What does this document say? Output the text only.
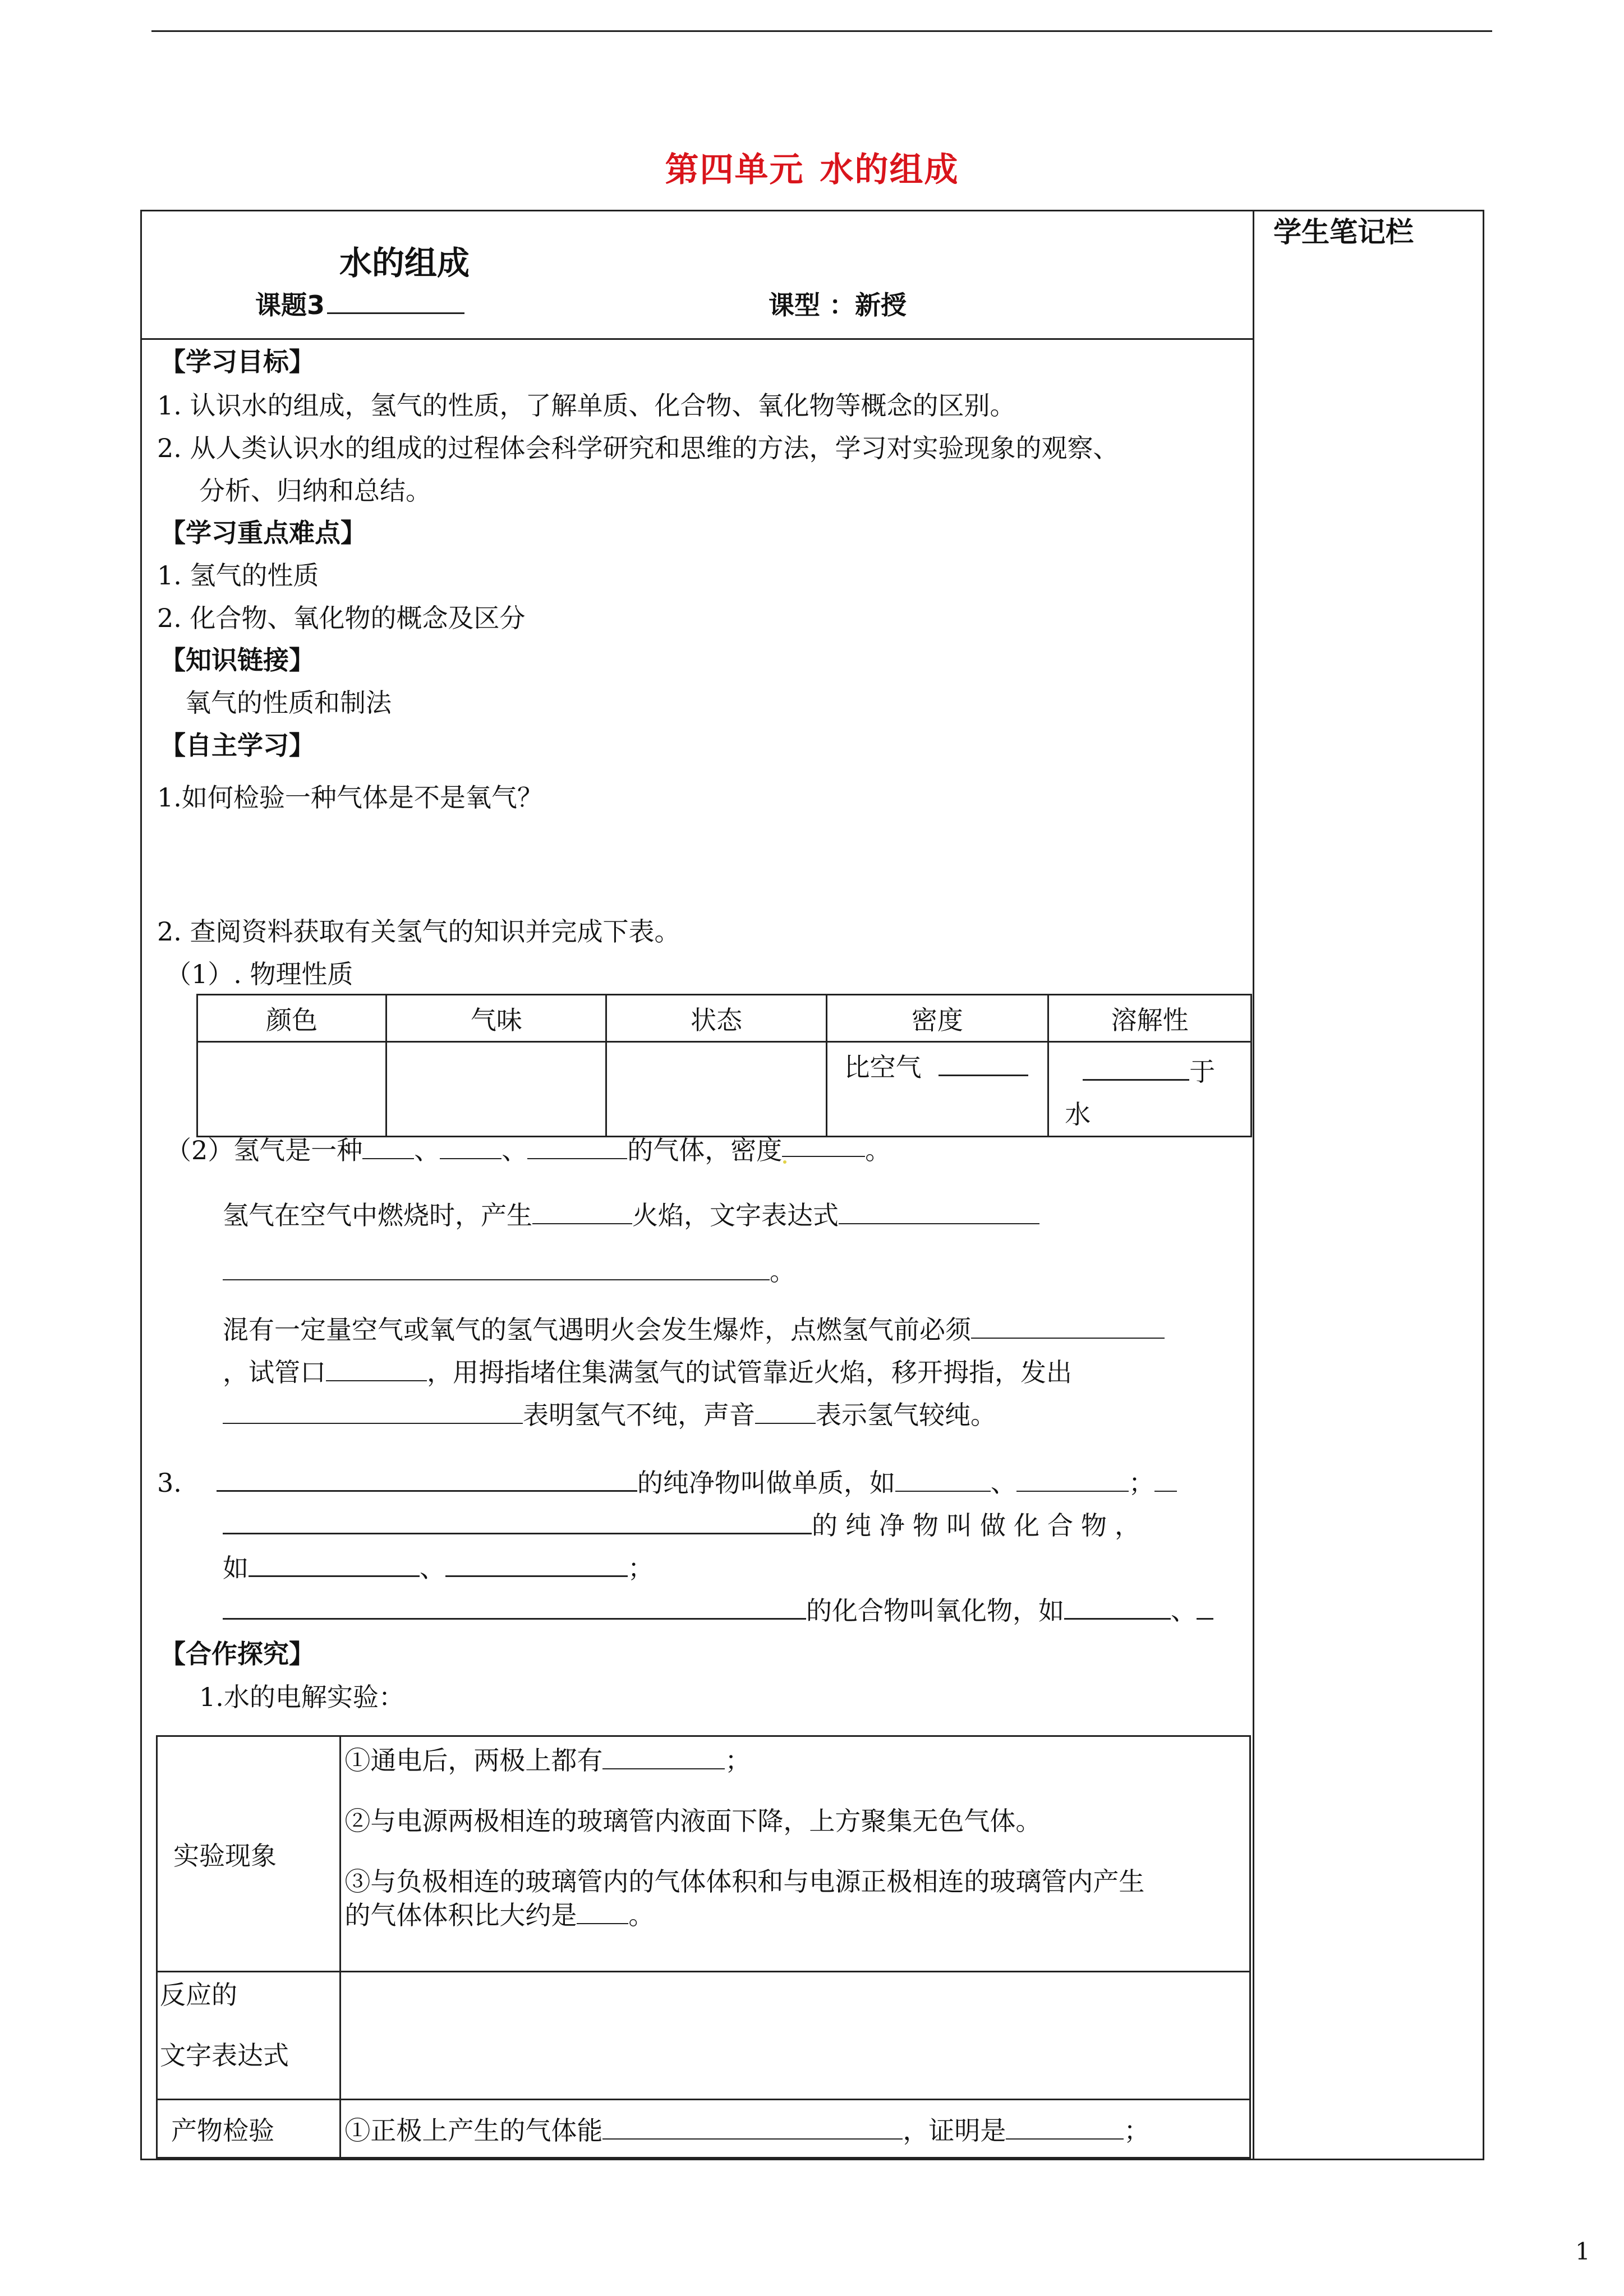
第四单元 水的组成
学生笔记栏
水的组成
课题3	课型 ：新授
【学习目标】
1. 认识水的组成，氢气的性质，了解单质、化合物、氧化物等概念的区别。
2. 从人类认识水的组成的过程体会科学研究和思维的方法，学习对实验现象的观察、
分析、归纳和总结。
【学习重点难点】
1. 氢气的性质
2. 化合物、氧化物的概念及区分
【知识链接】
氧气的性质和制法
【自主学习】
1.如何检验一种气体是不是氧气？
2. 查阅资料获取有关氢气的知识并完成下表。
（1）. 物理性质
颜色	气味	状态	密度	溶解性
			比空气	于
水
（2）氢气是一种 、 、	的气体，密度	。
氢气在空气中燃烧时，产生	火焰，文字表达式
。
混有一定量空气或氧气的氢气遇明火会发生爆炸，点燃氢气前必须
，试管口	，用拇指堵住集满氢气的试管靠近火焰，移开拇指，发出
表明氢气不纯，声音 表示氢气较纯。
3.	的纯净物叫做单质，如	、	；
的纯净物叫做化合物，
如	、	；
的化合物叫氧化物，如	、
【合作探究】
1.水的电解实验：
实验现象	①通电后，两极上都有 ；
②与电源两极相连的玻璃管内液面下降，上方聚集无色气体。
③与负极相连的玻璃管内的气体体积和与电源正极相连的玻璃管内产生
的气体体积比大约是 。

反应的
文字表达式	

产物检验	①正极上产生的气体能 ，证明是 ；
1
